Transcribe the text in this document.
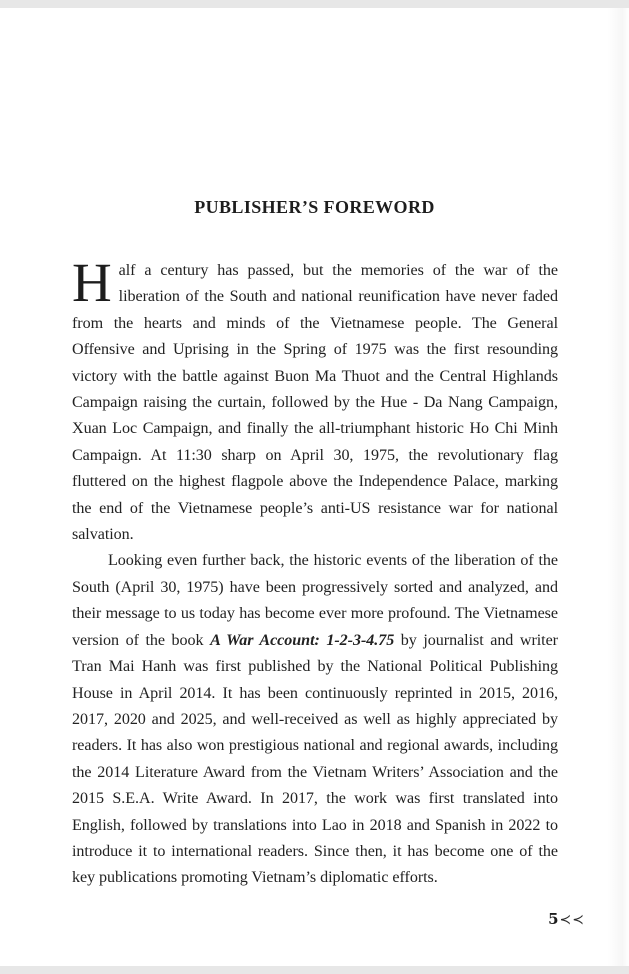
PUBLISHER’S FOREWORD

Half a century has passed, but the memories of the war of the liberation of the South and national reunification have never faded from the hearts and minds of the Vietnamese people. The General Offensive and Uprising in the Spring of 1975 was the first resounding victory with the battle against Buon Ma Thuot and the Central Highlands Campaign raising the curtain, followed by the Hue - Da Nang Campaign, Xuan Loc Campaign, and finally the all-triumphant historic Ho Chi Minh Campaign. At 11:30 sharp on April 30, 1975, the revolutionary flag fluttered on the highest flagpole above the Independence Palace, marking the end of the Vietnamese people’s anti-US resistance war for national salvation.

Looking even further back, the historic events of the liberation of the South (April 30, 1975) have been progressively sorted and analyzed, and their message to us today has become ever more profound. The Vietnamese version of the book A War Account: 1-2-3-4.75 by journalist and writer Tran Mai Hanh was first published by the National Political Publishing House in April 2014. It has been continuously reprinted in 2015, 2016, 2017, 2020 and 2025, and well-received as well as highly appreciated by readers. It has also won prestigious national and regional awards, including the 2014 Literature Award from the Vietnam Writers’ Association and the 2015 S.E.A. Write Award. In 2017, the work was first translated into English, followed by translations into Lao in 2018 and Spanish in 2022 to introduce it to international readers. Since then, it has become one of the key publications promoting Vietnam’s diplomatic efforts.

5≺≺
